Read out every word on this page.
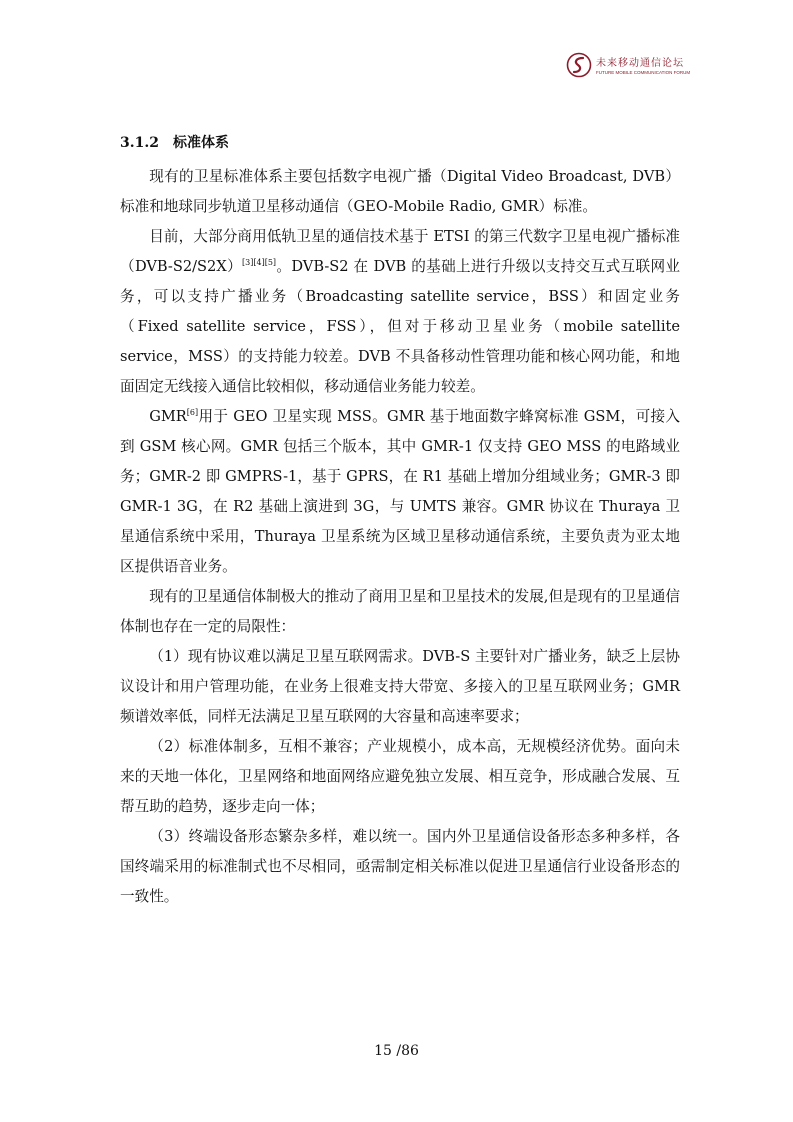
未来移动通信论坛
FUTURE MOBILE COMMUNICATION FORUM
3.1.2 标准体系

现有的卫星标准体系主要包括数字电视广播（Digital Video Broadcast, DVB）标准和地球同步轨道卫星移动通信（GEO-Mobile Radio, GMR）标准。

目前，大部分商用低轨卫星的通信技术基于 ETSI 的第三代数字卫星电视广播标准（DVB-S2/S2X）[3][4][5]。DVB-S2 在 DVB 的基础上进行升级以支持交互式互联网业务，可以支持广播业务（Broadcasting satellite service，BSS）和固定业务（Fixed satellite service，FSS），但对于移动卫星业务（mobile satellite service，MSS）的支持能力较差。DVB 不具备移动性管理功能和核心网功能，和地面固定无线接入通信比较相似，移动通信业务能力较差。

GMR[6]用于 GEO 卫星实现 MSS。GMR 基于地面数字蜂窝标准 GSM，可接入到 GSM 核心网。GMR 包括三个版本，其中 GMR-1 仅支持 GEO MSS 的电路域业务；GMR-2 即 GMPRS-1，基于 GPRS，在 R1 基础上增加分组域业务；GMR-3 即 GMR-1 3G，在 R2 基础上演进到 3G，与 UMTS 兼容。GMR 协议在 Thuraya 卫星通信系统中采用，Thuraya 卫星系统为区域卫星移动通信系统，主要负责为亚太地区提供语音业务。

现有的卫星通信体制极大的推动了商用卫星和卫星技术的发展,但是现有的卫星通信体制也存在一定的局限性：

（1）现有协议难以满足卫星互联网需求。DVB-S 主要针对广播业务，缺乏上层协议设计和用户管理功能，在业务上很难支持大带宽、多接入的卫星互联网业务；GMR 频谱效率低，同样无法满足卫星互联网的大容量和高速率要求；

（2）标准体制多，互相不兼容；产业规模小，成本高，无规模经济优势。面向未来的天地一体化，卫星网络和地面网络应避免独立发展、相互竞争，形成融合发展、互帮互助的趋势，逐步走向一体；

（3）终端设备形态繁杂多样，难以统一。国内外卫星通信设备形态多种多样，各国终端采用的标准制式也不尽相同，亟需制定相关标准以促进卫星通信行业设备形态的一致性。

15 /86
